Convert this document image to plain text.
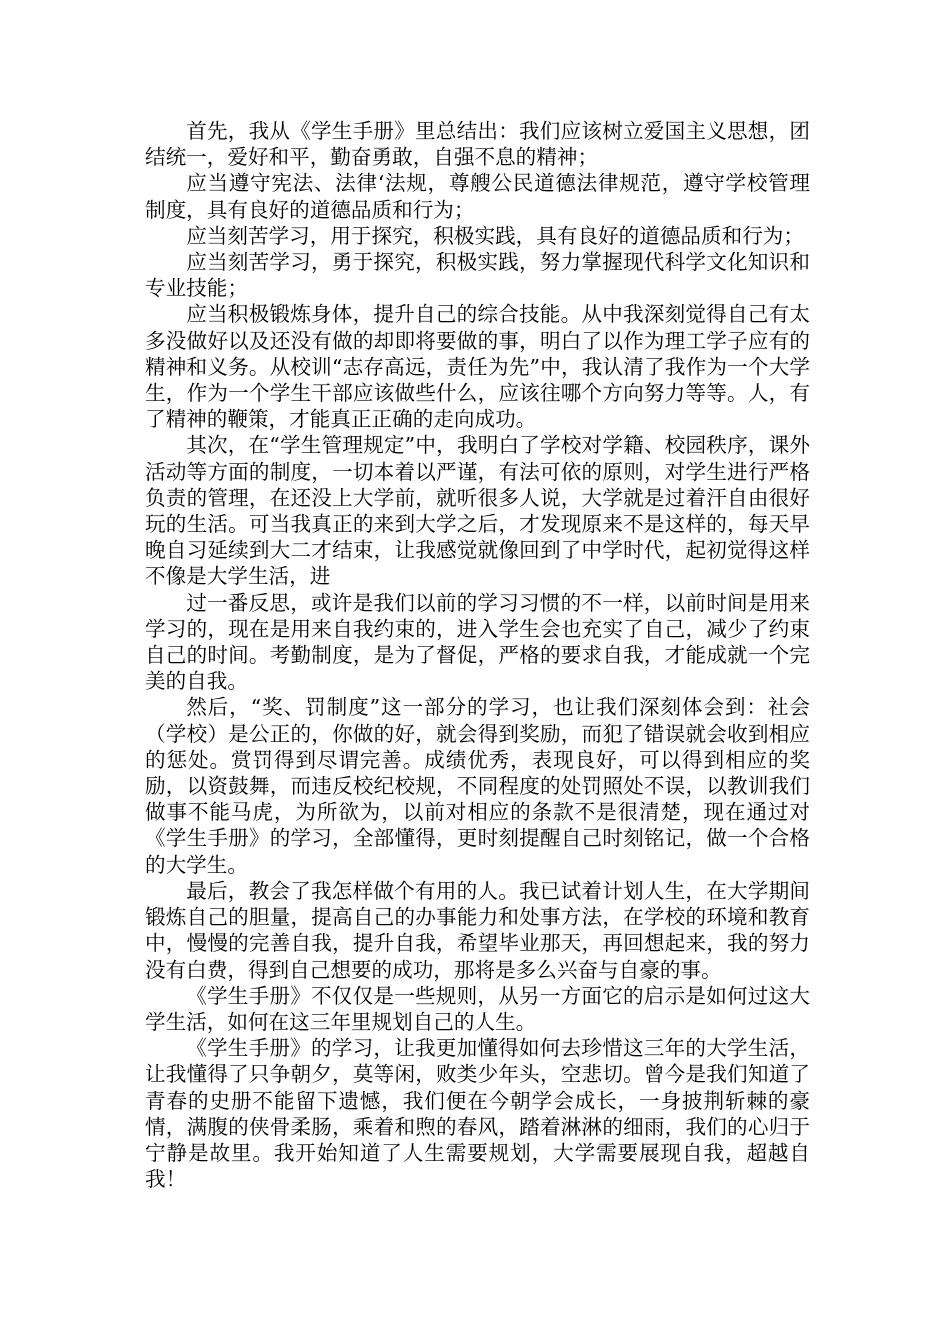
首先，我从《学生手册》里总结出：我们应该树立爱国主义思想，团结统一，爱好和平，勤奋勇敢，自强不息的精神；

应当遵守宪法、法律‘法规，尊艘公民道德法律规范，遵守学校管理制度，具有良好的道德品质和行为；

应当刻苦学习，用于探究，积极实践，具有良好的道德品质和行为；

应当刻苦学习，勇于探究，积极实践，努力掌握现代科学文化知识和专业技能；

应当积极锻炼身体，提升自己的综合技能。从中我深刻觉得自己有太多没做好以及还没有做的却即将要做的事，明白了以作为理工学子应有的精神和义务。从校训“志存高远，责任为先”中，我认清了我作为一个大学生，作为一个学生干部应该做些什么，应该往哪个方向努力等等。人，有了精神的鞭策，才能真正正确的走向成功。

其次，在“学生管理规定”中，我明白了学校对学籍、校园秩序，课外活动等方面的制度，一切本着以严谨，有法可依的原则，对学生进行严格负责的管理，在还没上大学前，就听很多人说，大学就是过着汗自由很好玩的生活。可当我真正的来到大学之后，才发现原来不是这样的，每天早晚自习延续到大二才结束，让我感觉就像回到了中学时代，起初觉得这样不像是大学生活，进

过一番反思，或许是我们以前的学习习惯的不一样，以前时间是用来学习的，现在是用来自我约束的，进入学生会也充实了自己，减少了约束自己的时间。考勤制度，是为了督促，严格的要求自我，才能成就一个完美的自我。

然后，“奖、罚制度”这一部分的学习，也让我们深刻体会到：社会（学校）是公正的，你做的好，就会得到奖励，而犯了错误就会收到相应的惩处。赏罚得到尽谓完善。成绩优秀，表现良好，可以得到相应的奖励，以资鼓舞，而违反校纪校规，不同程度的处罚照处不误，以教训我们做事不能马虎，为所欲为，以前对相应的条款不是很清楚，现在通过对《学生手册》的学习，全部懂得，更时刻提醒自己时刻铭记，做一个合格的大学生。

最后，教会了我怎样做个有用的人。我已试着计划人生，在大学期间锻炼自己的胆量，提高自己的办事能力和处事方法，在学校的环境和教育中，慢慢的完善自我，提升自我，希望毕业那天，再回想起来，我的努力没有白费，得到自己想要的成功，那将是多么兴奋与自豪的事。

《学生手册》不仅仅是一些规则，从另一方面它的启示是如何过这大学生活，如何在这三年里规划自己的人生。

《学生手册》的学习，让我更加懂得如何去珍惜这三年的大学生活，让我懂得了只争朝夕，莫等闲，败类少年头，空悲切。曾今是我们知道了青春的史册不能留下遗憾，我们便在今朝学会成长，一身披荆斩棘的豪情，满腹的侠骨柔肠，乘着和煦的春风，踏着淋淋的细雨，我们的心归于宁静是故里。我开始知道了人生需要规划，大学需要展现自我，超越自我！
